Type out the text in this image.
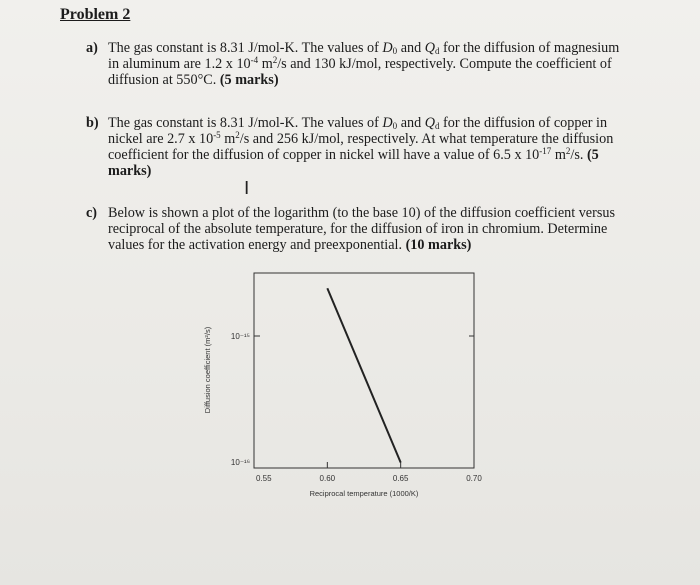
Problem 2
a) The gas constant is 8.31 J/mol-K. The values of $D_0$ and $Q_d$ for the diffusion of magnesium
in aluminum are 1.2 x $10^{-4}$ $m^2/s$ and 130 kJ/mol, respectively. Compute the coefficient of
diffusion at 550°C. (5 marks)
b) The gas constant is 8.31 J/mol-K. The values of $D_0$ and $Q_d$ for the diffusion of copper in
nickel are 2.7 x $10^{-5}$ $m^2/s$ and 256 kJ/mol, respectively. At what temperature the diffusion
coefficient for the diffusion of copper in nickel will have a value of 6.5 x $10^{-17}$ $m^2/s$. (5
marks)
I
c) Below is shown a plot of the logarithm (to the base 10) of the diffusion coefficient versus
reciprocal of the absolute temperature, for the diffusion of iron in chromium. Determine
values for the activation energy and preexponential. (10 marks)
0.55	0.60	0.65	0.70
10⁻¹⁵
10⁻¹⁶
Diffusion coefficient (m²/s)
Reciprocal temperature (1000/K)
